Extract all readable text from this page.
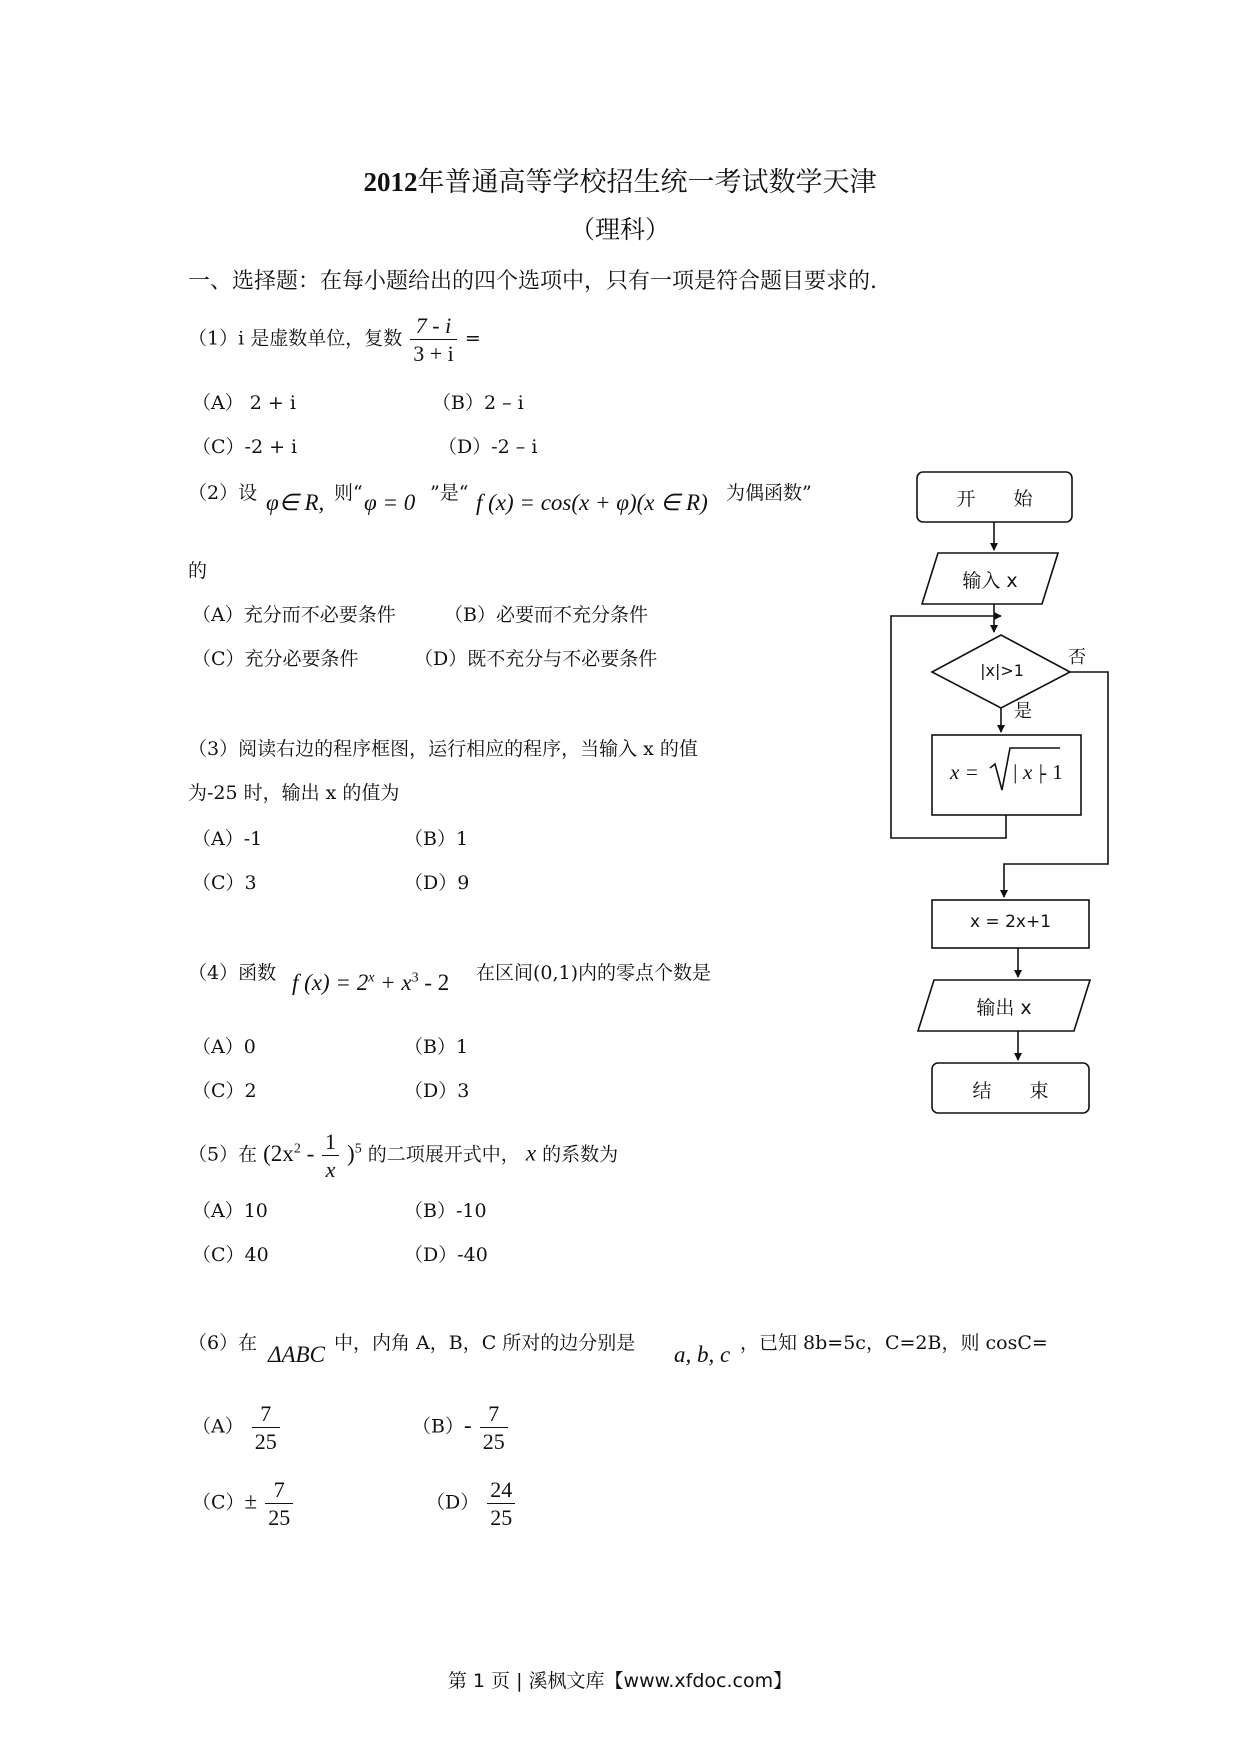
2012年普通高等学校招生统一考试数学天津
（理科）
一、选择题：在每小题给出的四个选项中，只有一项是符合题目要求的.
（1）i 是虚数单位，复数 $\frac{7 - i}{3 + i}$ =
（A） 2 + i	（B）2 – i
（C）-2 + i	（D）-2 – i
（2）设 φ∈ R, 则“ φ = 0 ”是“ f (x) = cos(x + φ)(x ∈ R) 为偶函数”
的
（A）充分而不必要条件	（B）必要而不充分条件
（C）充分必要条件	（D）既不充分与不必要条件
（3）阅读右边的程序框图，运行相应的程序，当输入 x 的值
为-25 时，输出 x 的值为
（A）-1	（B）1
（C）3	（D）9
（4）函数 f $(x) = 2^x + x^3 - 2$ 在区间(0,1)内的零点个数是
（A）0	（B）1
（C）2	（D）3
（5）在 $(2x^2 - \frac{1}{x} )^5$ 的二项展开式中， x 的系数为
（A）10	（B）-10
（C）40	（D）-40
（6）在 ΔABC 中，内角 A，B，C 所对的边分别是 a, b, c ，已知 8b=5c，C=2B，则 cosC=
$(A) \frac{7}{25}$	$(B)- \frac{7}{25}$
$(C)\pm \frac{7}{25}$	$(D) \frac{24}{25}$
开　　始
输入 x
|x|>1
否
是
x = | x |
- 1
x = 2x+1
输出 x
结　　束
第 1 页 | 溪枫文库【www.xfdoc.com】
